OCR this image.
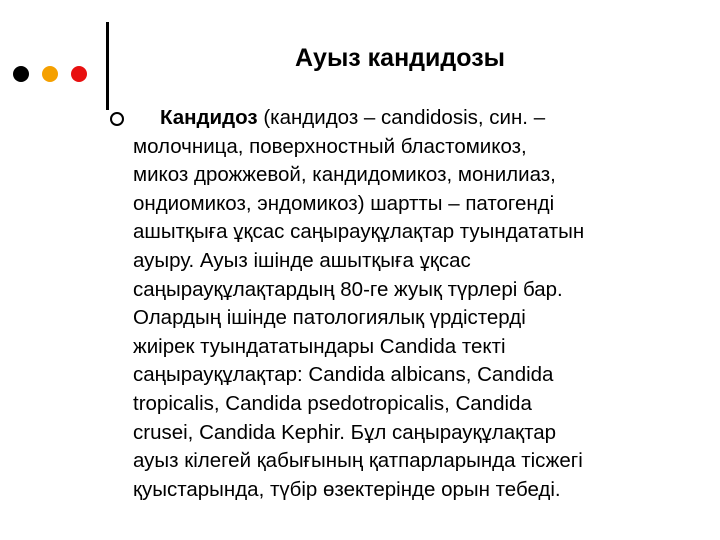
Ауыз кандидозы
Кандидоз (кандидоз – candidosis, син. –
молочница, поверхностный бластомикоз,
микоз дрожжевой, кандидомикоз, монилиаз,
ондиомикоз, эндомикоз) шартты – патогенді
ашытқыға ұқсас саңырауқұлақтар туындататын
ауыру. Ауыз ішінде ашытқыға ұқсас
саңырауқұлақтардың 80-ге жуық түрлері бар.
Олардың ішінде патологиялық үрдістерді
жиірек туындататындары Candida текті
саңырауқұлақтар: Candida albicans, Candida
tropicalis, Candida psedotropicalis, Candida
crusei, Candida Kephir. Бұл саңырауқұлақтар
ауыз кілегей қабығының қатпарларында тісжегі
қуыстарында, түбір өзектерінде орын тебеді.
